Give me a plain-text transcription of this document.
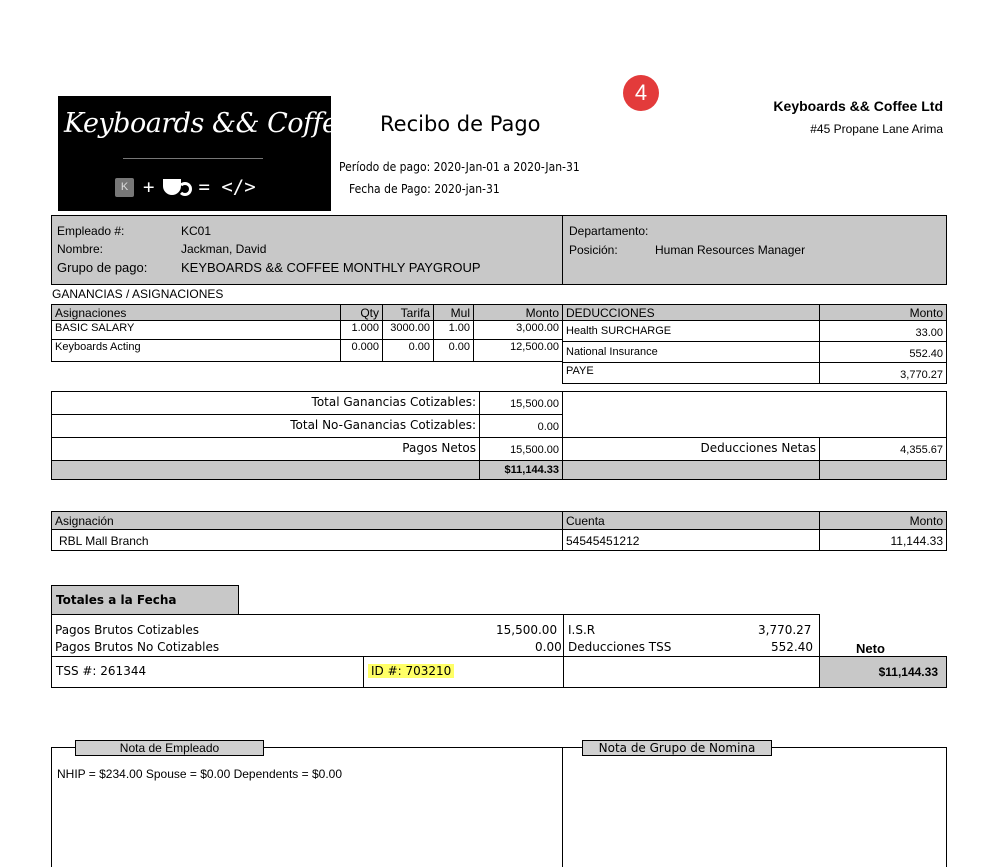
Keyboards && Coffee
K + = </>
Recibo de Pago
Período de pago: 2020-Jan-01 a 2020-Jan-31
Fecha de Pago: 2020-jan-31
4
Keyboards && Coffee Ltd
#45 Propane Lane Arima
Empleado #:	KC01
Nombre:	Jackman, David
Grupo de pago:	KEYBOARDS && COFFEE MONTHLY PAYGROUP
Departamento:
Posición:	Human Resources Manager
GANANCIAS / ASIGNACIONES
Asignaciones	Qty	Tarifa	Mul	Monto
BASIC SALARY	1.000	3000.00	1.00	3,000.00
Keyboards Acting	0.000	0.00	0.00	12,500.00
DEDUCCIONES	Monto
Health SURCHARGE	33.00
National Insurance	552.40
PAYE	3,770.27
Total Ganancias Cotizables:	15,500.00
Total No-Ganancias Cotizables:	0.00
Pagos Netos	15,500.00
$11,144.33
Deducciones Netas	4,355.67
Asignación	Cuenta	Monto
RBL Mall Branch	54545451212	11,144.33
Totales a la Fecha
Pagos Brutos Cotizables	15,500.00
Pagos Brutos No Cotizables	0.00
I.S.R	3,770.27
Deducciones TSS	552.40	Neto
TSS #: 261344	ID #: 703210	$11,144.33
Nota de Empleado
NHIP = $234.00 Spouse = $0.00 Dependents = $0.00
Nota de Grupo de Nomina
